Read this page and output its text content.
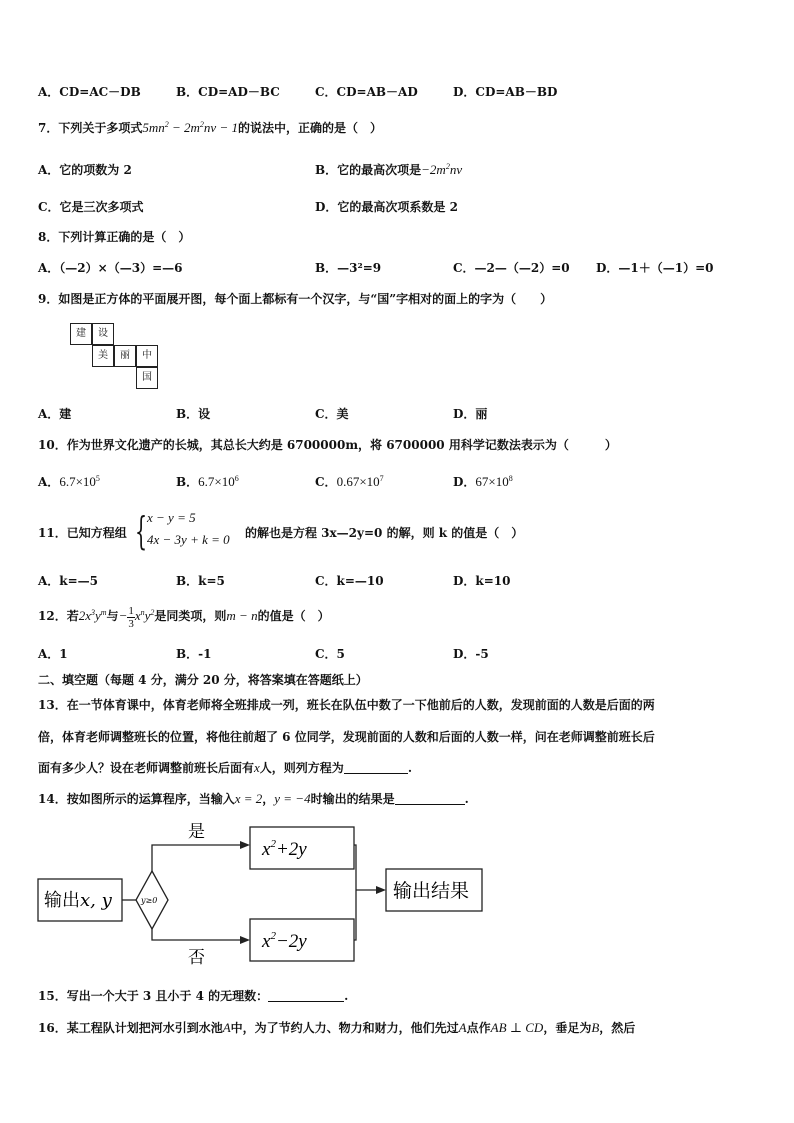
A．CD=AC－DB	B．CD=AD－BC	C．CD=AB－AD	D．CD=AB－BD
7．下列关于多项式$5mn^2 - 2m^2nv - 1$的说法中，正确的是（　）
A．它的项数为 2	B．它的最高次项是$-2m^2nv$
C．它是三次多项式	D．它的最高次项系数是 2
8．下列计算正确的是（　）
A．（—2）×（—3）=—6	B．—3²=9	C．—2—（—2）=0 D．—1＋（—1）=0
9．如图是正方体的平面展开图，每个面上都标有一个汉字，与“国”字相对的面上的字为（　　）
建	设
美	丽	中
国
A．建	B．设	C．美	D．丽
10．作为世界文化遗产的长城，其总长大约是 6700000m，将 6700000 用科学记数法表示为（　　　）
A．$6.7\times 10^5$	B．$6.7\times 10^6$	C．$0.67\times 10^7$	D．$67\times 10^8$
11．已知方程组 { x − y = 5
4x − 3y + k = 0 的解也是方程 3x—2y=0 的解，则 k 的值是（　）
A．k=—5	B．k=5	C．k=—10	D．k=10
12．若$2x^3y^m$与− $\frac{1}{3} x^ny^2$是同类项，则m − n的值是（　）
A．1	B．-1	C．5	D．-5
二、填空题（每题 4 分，满分 20 分，将答案填在答题纸上）
13．在一节体育课中，体育老师将全班排成一列，班长在队伍中数了一下他前后的人数，发现前面的人数是后面的两
倍，体育老师调整班长的位置，将他往前超了 6 位同学，发现前面的人数和后面的人数一样，问在老师调整前班长后
面有多少人？设在老师调整前班长后面有x人，则列方程为	.
14．按如图所示的运算程序，当输入x = 2，y = −4时输出的结果是	.
输出x, y	y≥0
是
否
$x^2+2y$
$x^2-2y$
输出结果
15．写出一个大于 3 且小于 4 的无理数：	.
16．某工程队计划把河水引到水池A中，为了节约人力、物力和财力，他们先过A点作AB ⊥ CD，垂足为B，然后
